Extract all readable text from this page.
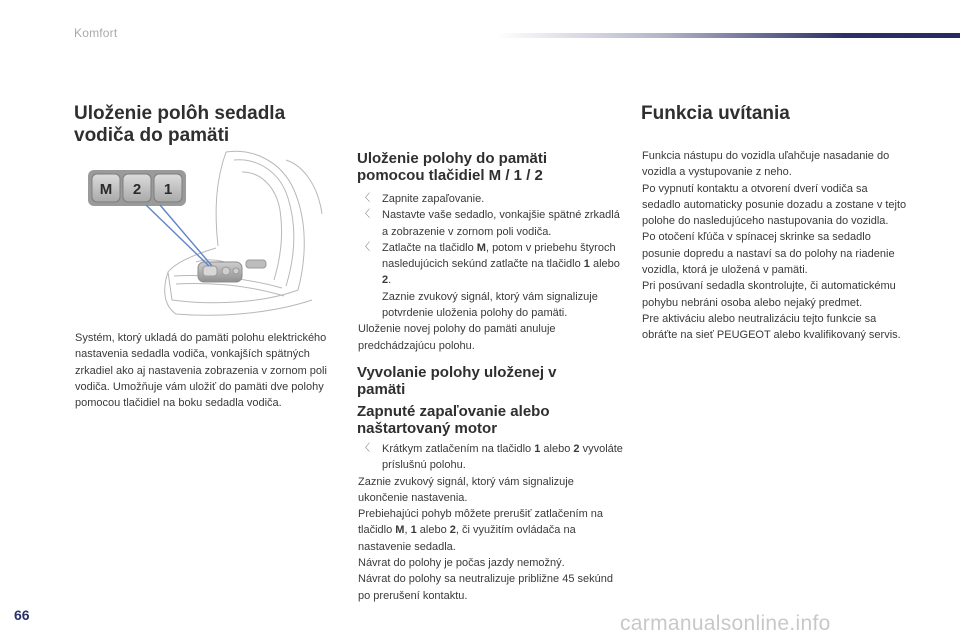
Komfort
Uloženie polôh sedadla vodiča do pamäti
M 2 1

Systém, ktorý ukladá do pamäti polohu elektrického nastavenia sedadla vodiča, vonkajších spätných zrkadiel ako aj nastavenia zobrazenia v zornom poli vodiča. Umožňuje vám uložiť do pamäti dve polohy pomocou tlačidiel na boku sedadla vodiča.

Uloženie polohy do pamäti pomocou tlačidiel M / 1 / 2

〈 Zapnite zapaľovanie.

〈 Nastavte vaše sedadlo, vonkajšie spätné zrkadlá a zobrazenie v zornom poli vodiča.

〈 Zatlačte na tlačidlo M, potom v priebehu štyroch nasledujúcich sekúnd zatlačte na tlačidlo 1 alebo 2.

Zaznie zvukový signál, ktorý vám signalizuje potvrdenie uloženia polohy do pamäti.

Uloženie novej polohy do pamäti anuluje predchádzajúcu polohu.

Vyvolanie polohy uloženej v pamäti
Zapnuté zapaľovanie alebo naštartovaný motor

〈 Krátkym zatlačením na tlačidlo 1 alebo 2 vyvoláte príslušnú polohu.

Zaznie zvukový signál, ktorý vám signalizuje ukončenie nastavenia.

Prebiehajúci pohyb môžete prerušiť zatlačením na tlačidlo M, 1 alebo 2, či využitím ovládača na nastavenie sedadla.

Návrat do polohy je počas jazdy nemožný.

Návrat do polohy sa neutralizuje približne 45 sekúnd po prerušení kontaktu.

Funkcia uvítania

Funkcia nástupu do vozidla uľahčuje nasadanie do vozidla a vystupovanie z neho.

Po vypnutí kontaktu a otvorení dverí vodiča sa sedadlo automaticky posunie dozadu a zostane v tejto polohe do nasledujúceho nastupovania do vozidla.

Po otočení kľúča v spínacej skrinke sa sedadlo posunie dopredu a nastaví sa do polohy na riadenie vozidla, ktorá je uložená v pamäti.

Pri posúvaní sedadla skontrolujte, či automatickému pohybu nebráni osoba alebo nejaký predmet.

Pre aktiváciu alebo neutralizáciu tejto funkcie sa obráťte na sieť PEUGEOT alebo kvalifikovaný servis.

66	carmanualsonline.info
